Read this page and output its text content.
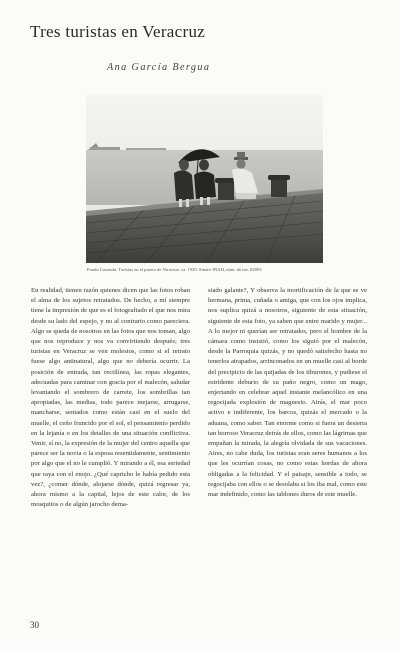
Tres turistas en Veracruz
Ana García Bergua
Fondo Casasola. Turistas en el puerto de Veracruz, ca. 1930. Sinafo-INAH, núm. de inv. 82093

En realidad, tienen razón quienes dicen que las fotos roban el alma de los sujetos retratados. De hecho, a mí siempre tiene la impresión de que es el fotografiado el que nos mira desde su lado del espejo, y no al contrario como pareciera. Algo se queda de nosotros en las fotos que nos toman, algo que nos reproduce y nos va convirtiendo después; tres turistas en Veracruz se ven molestos, como si el retrato fuese algo antinatural, algo que no debería ocurrir. La posición de entrada, tan rectilínea, las ropas elegantes, adecuadas para caminar con gracia por el malecón, saludar levantando el sombrero de carrete, los sombrillas tan apropiadas, las medias, todo parece mejarse, arrugarse, mancharse, sentados como están casi en el suelo del muelle, el ceño fruncido por el sol, el pensamiento perdido en la lejanía o en los detalles de una situación conflictiva. Venir, sí no, la expresión de la mujer del centro aquella que parece ser la novia o la esposa resentidamente, sentimiento por algo que el no le cumplió. Y mirando a él, esa seriedad que raya con el enojo. ¿Qué capricho le había pedido esta vez?, ¿comer dónde, alojarse dónde, quizá regresar ya, ahora mismo a la capital, lejos de este calor, de los mosquitos o de algún jarocho dema-

siado galante?, Y observa la mortificación de la que se ve hermana, prima, cuñada o amiga, que con los ojos implica, nos suplica quizá a nosotros, siguiente de esta situación, siguiente de esta foto, ya saben que entre marido y mujer... A lo mejor ni querían ser retratados, pero el hombre de la cámara como insistió, como los siguió por el malecón, desde la Parroquia quizás, y no quedó satisfecho hasta no tenerlos atrapados, arrinconados en un muelle casi al borde del precipicio de las quijadas de los tiburones, y pudiese el estridente deburio de su paño negro, como un mago, enjertando en celebrar aquel instante melancólico en una regocijada explosión de magnesio. Atrás, el mar poco activo e indiferente, los barcos, quizás el mercado o la aduana, como saber. Tan enorme como si fuera un desierta tan borroso Veracruz detrás de ellos, como las lágrimas que empañan la mirada, la alegría olvidada de sus vacaciones. Aires, no cabe duda, los turistas eran seres humanos a los que les ocurrían cosas, no como estas hordas de ahora obligadas a la felicidad. Y el paisaje, sensible a todo, se regocijaba con ellos o se desolaba si los iba mal, como este mar indefinido, como las tablones duros de este muelle.

30
